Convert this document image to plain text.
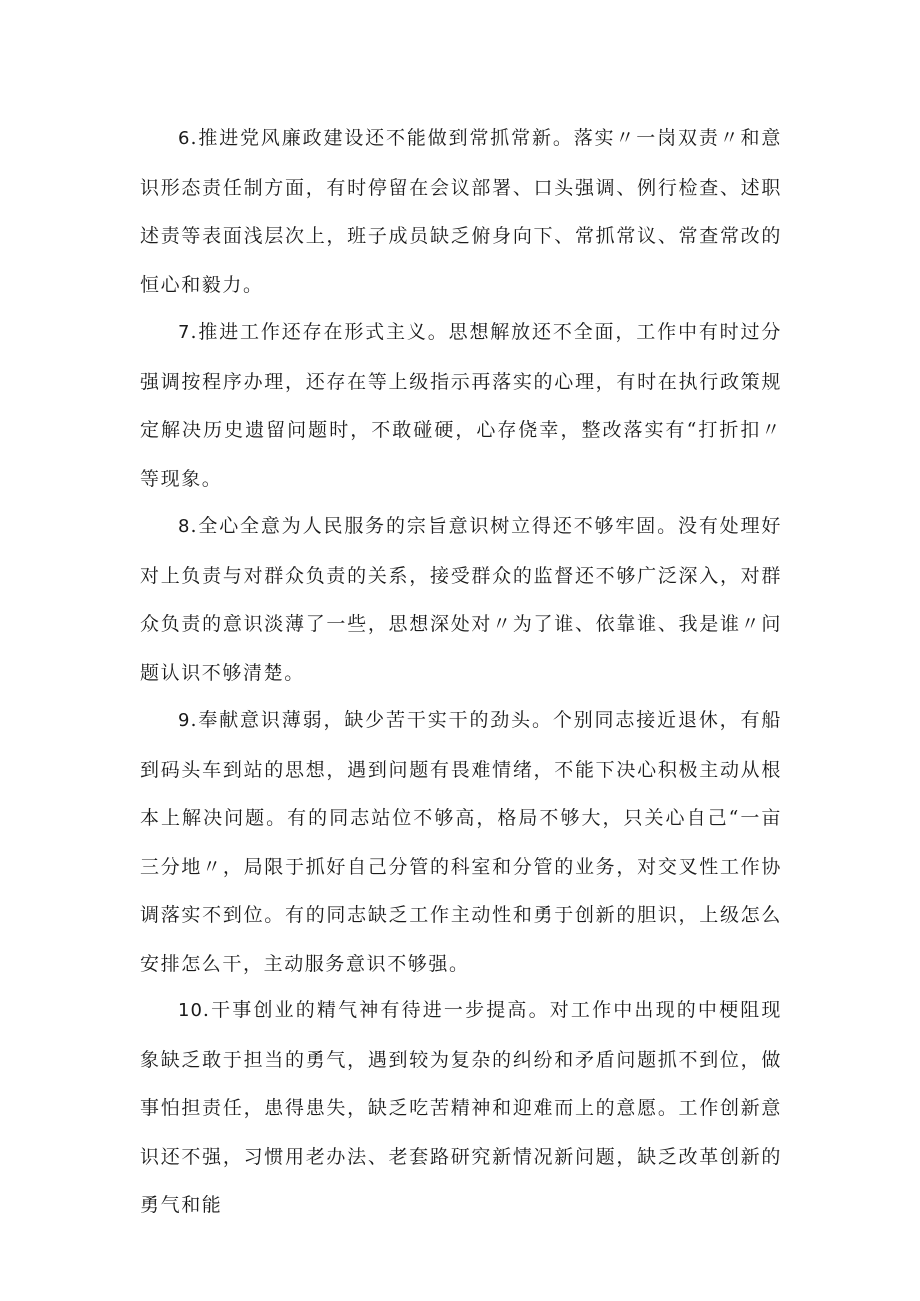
6.推进党风廉政建设还不能做到常抓常新。落实〃一岗双责〃和意识形态责任制方面，有时停留在会议部署、口头强调、例行检查、述职述责等表面浅层次上，班子成员缺乏俯身向下、常抓常议、常查常改的恒心和毅力。

7.推进工作还存在形式主义。思想解放还不全面，工作中有时过分强调按程序办理，还存在等上级指示再落实的心理，有时在执行政策规定解决历史遗留问题时，不敢碰硬，心存侥幸，整改落实有“打折扣〃等现象。

8.全心全意为人民服务的宗旨意识树立得还不够牢固。没有处理好对上负责与对群众负责的关系，接受群众的监督还不够广泛深入，对群众负责的意识淡薄了一些，思想深处对〃为了谁、依靠谁、我是谁〃问题认识不够清楚。

9.奉献意识薄弱，缺少苦干实干的劲头。个别同志接近退休，有船到码头车到站的思想，遇到问题有畏难情绪，不能下决心积极主动从根本上解决问题。有的同志站位不够高，格局不够大，只关心自己“一亩三分地〃，局限于抓好自己分管的科室和分管的业务，对交叉性工作协调落实不到位。有的同志缺乏工作主动性和勇于创新的胆识，上级怎么安排怎么干，主动服务意识不够强。

10.干事创业的精气神有待进一步提高。对工作中出现的中梗阻现象缺乏敢于担当的勇气，遇到较为复杂的纠纷和矛盾问题抓不到位，做事怕担责任，患得患失，缺乏吃苦精神和迎难而上的意愿。工作创新意识还不强，习惯用老办法、老套路研究新情况新问题，缺乏改革创新的勇气和能
